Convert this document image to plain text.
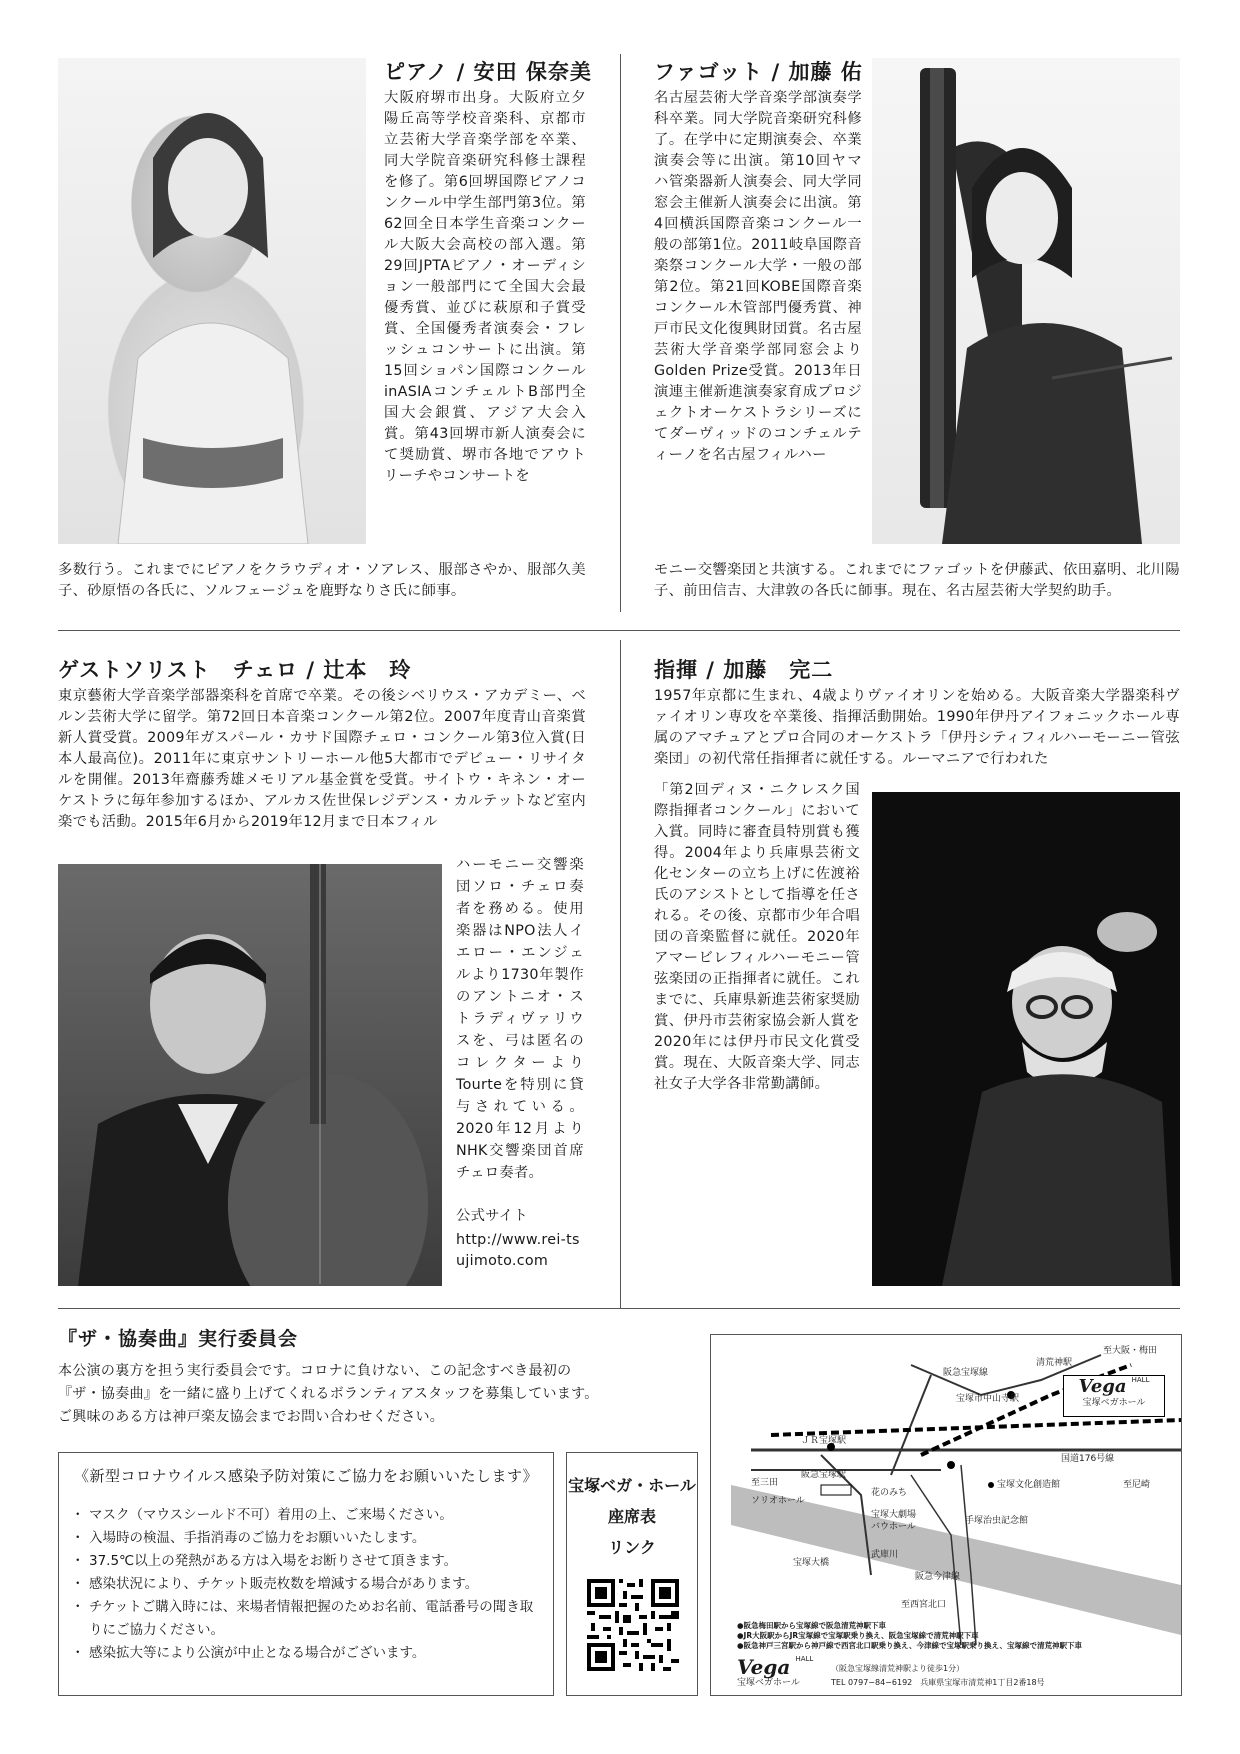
ピアノ / 安田 保奈美
大阪府堺市出身。大阪府立夕陽丘高等学校音楽科、京都市立芸術大学音楽学部を卒業、同大学院音楽研究科修士課程を修了。第6回堺国際ピアノコンクール中学生部門第3位。第62回全日本学生音楽コンクール大阪大会高校の部入選。第29回JPTAピアノ・オーディション一般部門にて全国大会最優秀賞、並びに萩原和子賞受賞、全国優秀者演奏会・フレッシュコンサートに出演。第15回ショパン国際コンクールinASIAコンチェルトB部門全国大会銀賞、アジア大会入賞。第43回堺市新人演奏会にて奨励賞、堺市各地でアウトリーチやコンサートを
多数行う。これまでにピアノをクラウディオ・ソアレス、服部さやか、服部久美子、砂原悟の各氏に、ソルフェージュを鹿野なりさ氏に師事。
ファゴット / 加藤 佑
名古屋芸術大学音楽学部演奏学科卒業。同大学院音楽研究科修了。在学中に定期演奏会、卒業演奏会等に出演。第10回ヤマハ管楽器新人演奏会、同大学同窓会主催新人演奏会に出演。第4回横浜国際音楽コンクール一般の部第1位。2011岐阜国際音楽祭コンクール大学・一般の部第2位。第21回KOBE国際音楽コンクール木管部門優秀賞、神戸市民文化復興財団賞。名古屋芸術大学音楽学部同窓会よりGolden Prize受賞。2013年日演連主催新進演奏家育成プロジェクトオーケストラシリーズにてダーヴィッドのコンチェルティーノを名古屋フィルハー
モニー交響楽団と共演する。これまでにファゴットを伊藤武、依田嘉明、北川陽子、前田信吉、大津敦の各氏に師事。現在、名古屋芸術大学契約助手。
ゲストソリスト　チェロ / 辻本　玲
東京藝術大学音楽学部器楽科を首席で卒業。その後シベリウス・アカデミー、ベルン芸術大学に留学。第72回日本音楽コンクール第2位。2007年度青山音楽賞新人賞受賞。2009年ガスパール・カサド国際チェロ・コンクール第3位入賞(日本人最高位)。2011年に東京サントリーホール他5大都市でデビュー・リサイタルを開催。2013年齋藤秀雄メモリアル基金賞を受賞。サイトウ・キネン・オーケストラに毎年参加するほか、アルカス佐世保レジデンス・カルテットなど室内楽でも活動。2015年6月から2019年12月まで日本フィル
ハーモニー交響楽団ソロ・チェロ奏者を務める。使用楽器はNPO法人イエロー・エンジェルより1730年製作のアントニオ・ストラディヴァリウスを、弓は匿名のコレクターよりTourteを特別に貸与されている。2020年12月よりNHK交響楽団首席チェロ奏者。
公式サイト
http://www.rei-tsujimoto.com
指揮 / 加藤　完二
1957年京都に生まれ、4歳よりヴァイオリンを始める。大阪音楽大学器楽科ヴァイオリン専攻を卒業後、指揮活動開始。1990年伊丹アイフォニックホール専属のアマチュアとプロ合同のオーケストラ「伊丹シティフィルハーモーニー管弦楽団」の初代常任指揮者に就任する。ルーマニアで行われた
「第2回ディヌ・ニクレスク国際指揮者コンクール」において入賞。同時に審査員特別賞も獲得。2004年より兵庫県芸術文化センターの立ち上げに佐渡裕氏のアシストとして指導を任される。その後、京都市少年合唱団の音楽監督に就任。2020年アマービレフィルハーモニー管弦楽団の正指揮者に就任。これまでに、兵庫県新進芸術家奨励賞、伊丹市芸術家協会新人賞を2020年には伊丹市民文化賞受賞。現在、大阪音楽大学、同志社女子大学各非常勤講師。
『ザ・協奏曲』実行委員会
本公演の裏方を担う実行委員会です。コロナに負けない、この記念すべき最初の
『ザ・協奏曲』を一緒に盛り上げてくれるボランティアスタッフを募集しています。
ご興味のある方は神戸楽友協会までお問い合わせください。
《新型コロナウイルス感染予防対策にご協力をお願いいたします》
・ マスク（マウスシールド不可）着用の上、ご来場ください。
・ 入場時の検温、手指消毒のご協力をお願いいたします。
・ 37.5℃以上の発熱がある方は入場をお断りさせて頂きます。
・ 感染状況により、チケット販売枚数を増減する場合があります。
・ チケットご購入時には、来場者情報把握のためお名前、電話番号の聞き取りにご協力ください。
・ 感染拡大等により公演が中止となる場合がございます。
宝塚ベガ・ホール
座席表
リンク
至大阪・梅田
阪急宝塚線
清荒神駅
宝塚市中山寺駅
ＪＲ宝塚駅
阪急宝塚駅
国道176号線
至三田
ソリオホール
花のみち
宝塚文化創造館	至尼崎
宝塚大劇場
バウホール
手塚治虫記念館
武庫川
宝塚大橋
阪急今津線
至西宮北口
Vega $^{HALL}$
宝塚ベガホール
●阪急梅田駅から宝塚線で阪急清荒神駅下車
●JR大阪駅からJR宝塚線で宝塚駅乗り換え、阪急宝塚線で清荒神駅下車
●阪急神戸三宮駅から神戸線で西宮北口駅乗り換え、今津線で宝塚駅乗り換え、宝塚線で清荒神駅下車
Vega $^{HALL}$
宝塚ベガホール
（阪急宝塚線清荒神駅より徒歩1分）
TEL 0797−84−6192　兵庫県宝塚市清荒神1丁目2番18号
